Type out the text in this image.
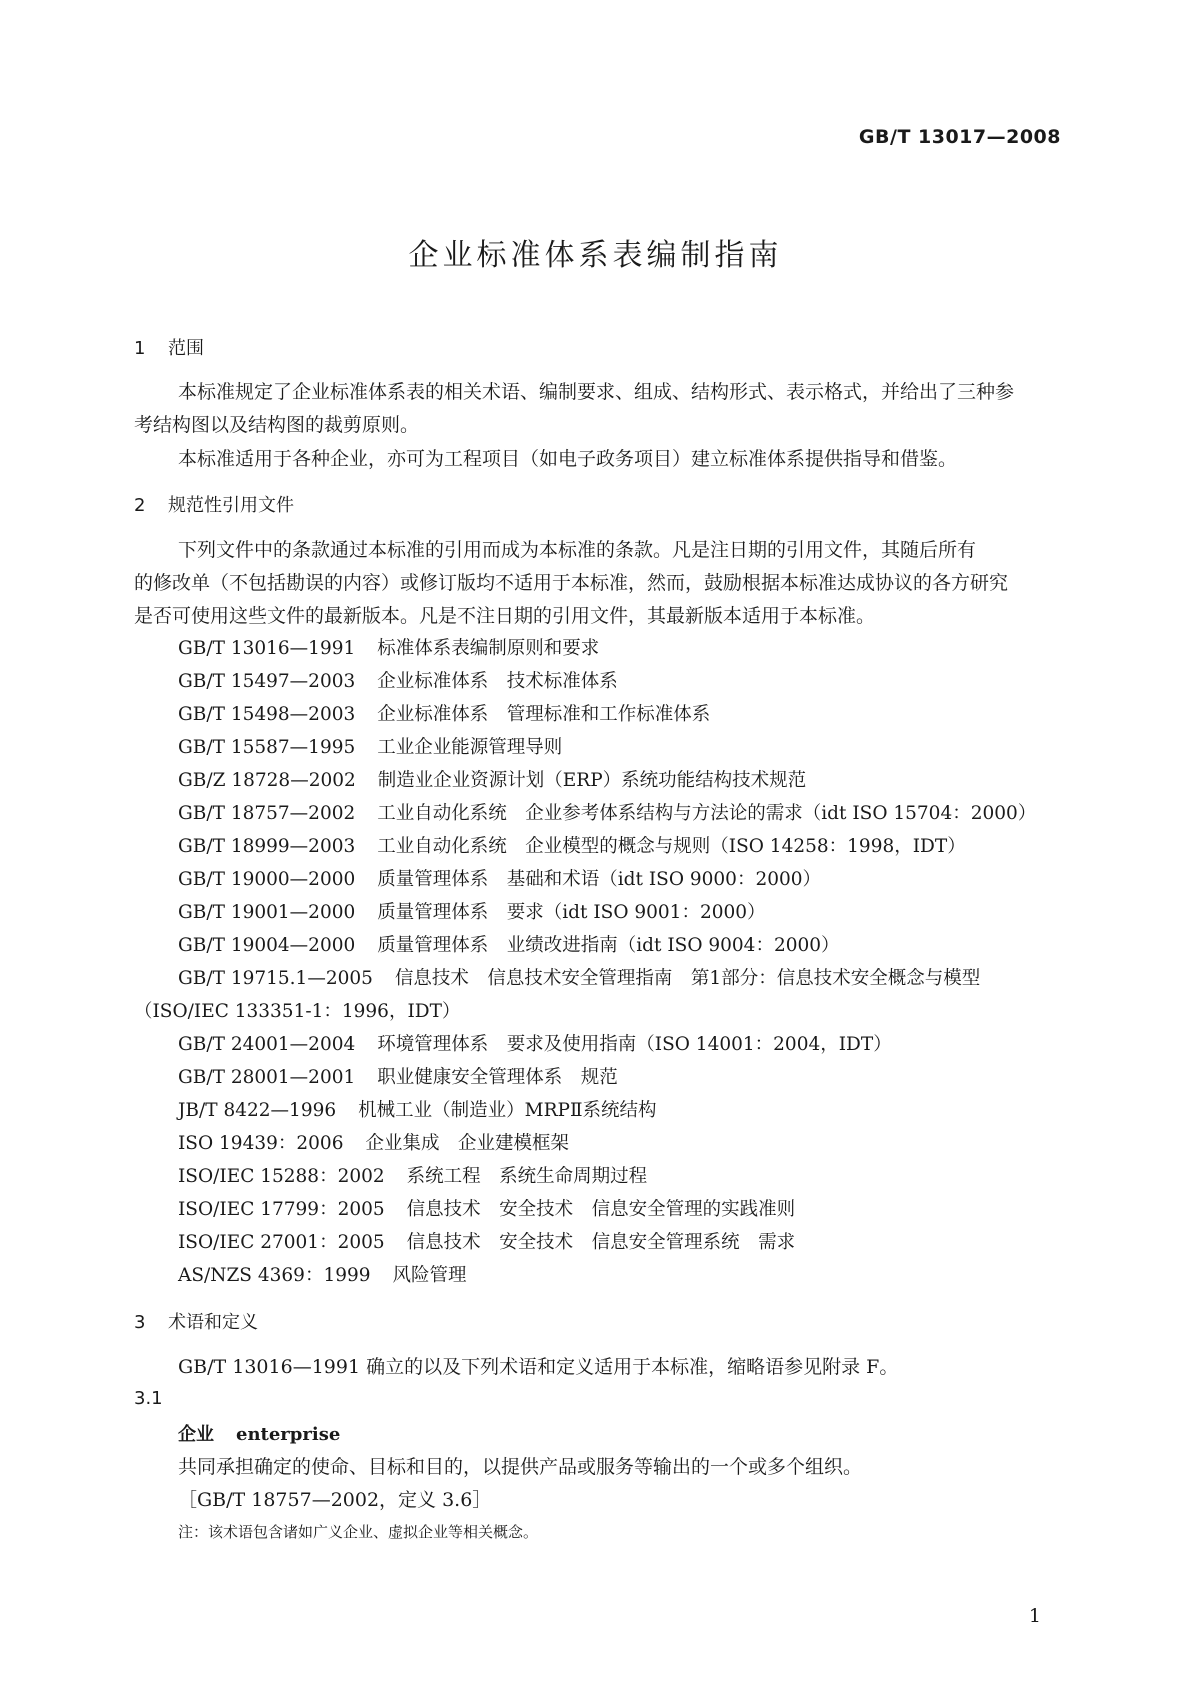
GB/T 13017—2008
企业标准体系表编制指南
1 范围
本标准规定了企业标准体系表的相关术语、编制要求、组成、结构形式、表示格式，并给出了三种参
考结构图以及结构图的裁剪原则。
本标准适用于各种企业，亦可为工程项目（如电子政务项目）建立标准体系提供指导和借鉴。
2 规范性引用文件
下列文件中的条款通过本标准的引用而成为本标准的条款。凡是注日期的引用文件，其随后所有
的修改单（不包括勘误的内容）或修订版均不适用于本标准，然而，鼓励根据本标准达成协议的各方研究
是否可使用这些文件的最新版本。凡是不注日期的引用文件，其最新版本适用于本标准。
GB/T 13016—1991 标准体系表编制原则和要求
GB/T 15497—2003 企业标准体系　技术标准体系
GB/T 15498—2003 企业标准体系　管理标准和工作标准体系
GB/T 15587—1995 工业企业能源管理导则
GB/Z 18728—2002 制造业企业资源计划（ERP）系统功能结构技术规范
GB/T 18757—2002 工业自动化系统　企业参考体系结构与方法论的需求（idt ISO 15704：2000）
GB/T 18999—2003 工业自动化系统　企业模型的概念与规则（ISO 14258：1998，IDT）
GB/T 19000—2000 质量管理体系　基础和术语（idt ISO 9000：2000）
GB/T 19001—2000 质量管理体系　要求（idt ISO 9001：2000）
GB/T 19004—2000 质量管理体系　业绩改进指南（idt ISO 9004：2000）
GB/T 19715.1—2005 信息技术　信息技术安全管理指南　第1部分：信息技术安全概念与模型
（ISO/IEC 133351-1：1996，IDT）
GB/T 24001—2004 环境管理体系　要求及使用指南（ISO 14001：2004，IDT）
GB/T 28001—2001 职业健康安全管理体系　规范
JB/T 8422—1996 机械工业（制造业）MRPⅡ系统结构
ISO 19439：2006 企业集成　企业建模框架
ISO/IEC 15288：2002 系统工程　系统生命周期过程
ISO/IEC 17799：2005 信息技术　安全技术　信息安全管理的实践准则
ISO/IEC 27001：2005 信息技术　安全技术　信息安全管理系统　需求
AS/NZS 4369：1999 风险管理
3 术语和定义
GB/T 13016—1991 确立的以及下列术语和定义适用于本标准，缩略语参见附录 F。
3.1
企业 enterprise
共同承担确定的使命、目标和目的，以提供产品或服务等输出的一个或多个组织。
［GB/T 18757—2002，定义 3.6］
注：该术语包含诸如广义企业、虚拟企业等相关概念。
1
